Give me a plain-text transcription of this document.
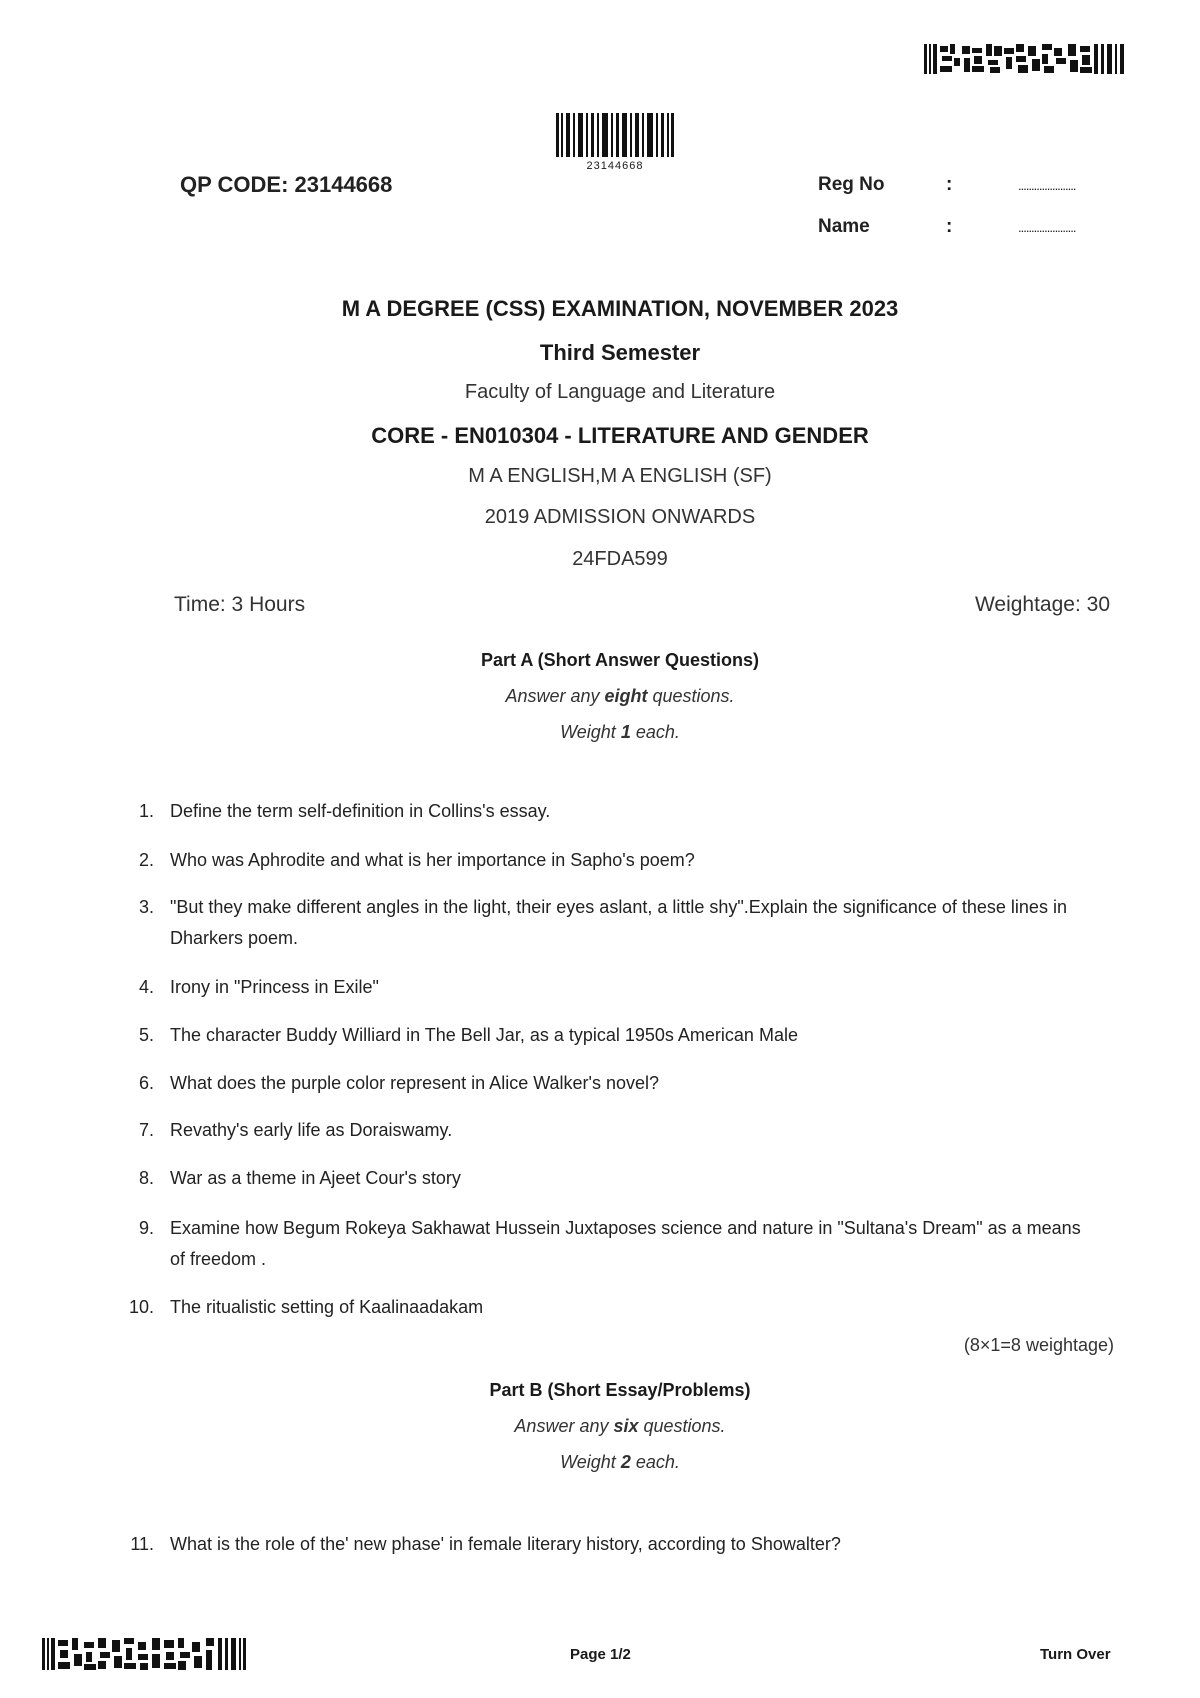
23144668
QP CODE: 23144668	Reg No	:	......................
Name	:	......................
M A DEGREE (CSS) EXAMINATION, NOVEMBER 2023
Third Semester
Faculty of Language and Literature
CORE - EN010304 - LITERATURE AND GENDER
M A ENGLISH,M A ENGLISH (SF)
2019 ADMISSION ONWARDS
24FDA599
Time: 3 Hours	Weightage: 30
Part A (Short Answer Questions)
Answer any eight questions.
Weight 1 each.
1. Define the term self-definition in Collins's essay.
2. Who was Aphrodite and what is her importance in Sapho's poem?
3. "But they make different angles in the light, their eyes aslant, a little shy".Explain the significance of these lines in Dharkers poem.
4. Irony in "Princess in Exile"
5. The character Buddy Williard in The Bell Jar, as a typical 1950s American Male
6. What does the purple color represent in Alice Walker's novel?
7. Revathy's early life as Doraiswamy.
8. War as a theme in Ajeet Cour's story
9. Examine how Begum Rokeya Sakhawat Hussein Juxtaposes science and nature in "Sultana's Dream" as a means of freedom .
10. The ritualistic setting of Kaalinaadakam
(8×1=8 weightage)
Part B (Short Essay/Problems)
Answer any six questions.
Weight 2 each.
11. What is the role of the' new phase' in female literary history, according to Showalter?
Page 1/2	Turn Over
